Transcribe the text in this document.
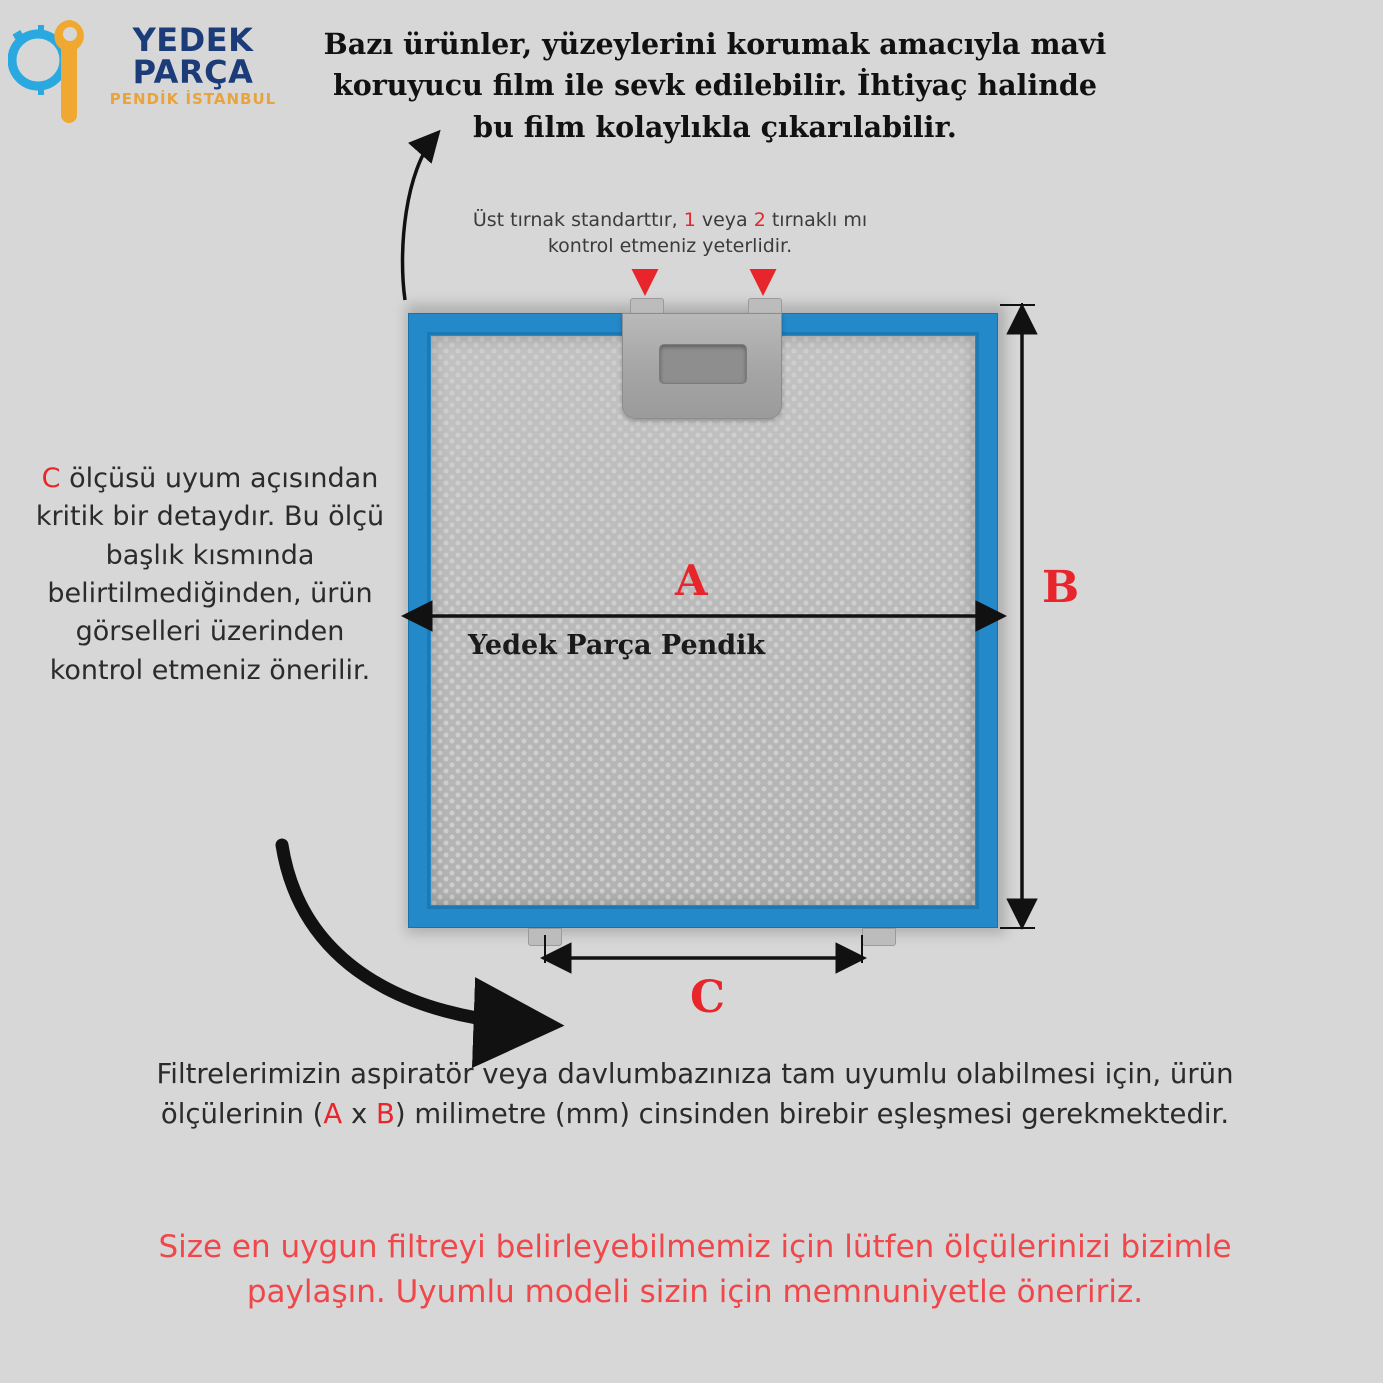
YEDEK
PARÇA
PENDİK İSTANBUL
Bazı ürünler, yüzeylerini korumak amacıyla mavi koruyucu film ile sevk edilebilir. İhtiyaç halinde bu film kolaylıkla çıkarılabilir.
Üst tırnak standarttır, 1 veya 2 tırnaklı mı kontrol etmeniz yeterlidir.
C ölçüsü uyum açısından kritik bir detaydır. Bu ölçü başlık kısmında belirtilmediğinden, ürün görselleri üzerinden kontrol etmeniz önerilir.
A	B
C
Yedek Parça Pendik
Filtrelerimizin aspiratör veya davlumbazınıza tam uyumlu olabilmesi için, ürün ölçülerinin (A x B) milimetre (mm) cinsinden birebir eşleşmesi gerekmektedir.
Size en uygun filtreyi belirleyebilmemiz için lütfen ölçülerinizi bizimle paylaşın. Uyumlu modeli sizin için memnuniyetle öneririz.
